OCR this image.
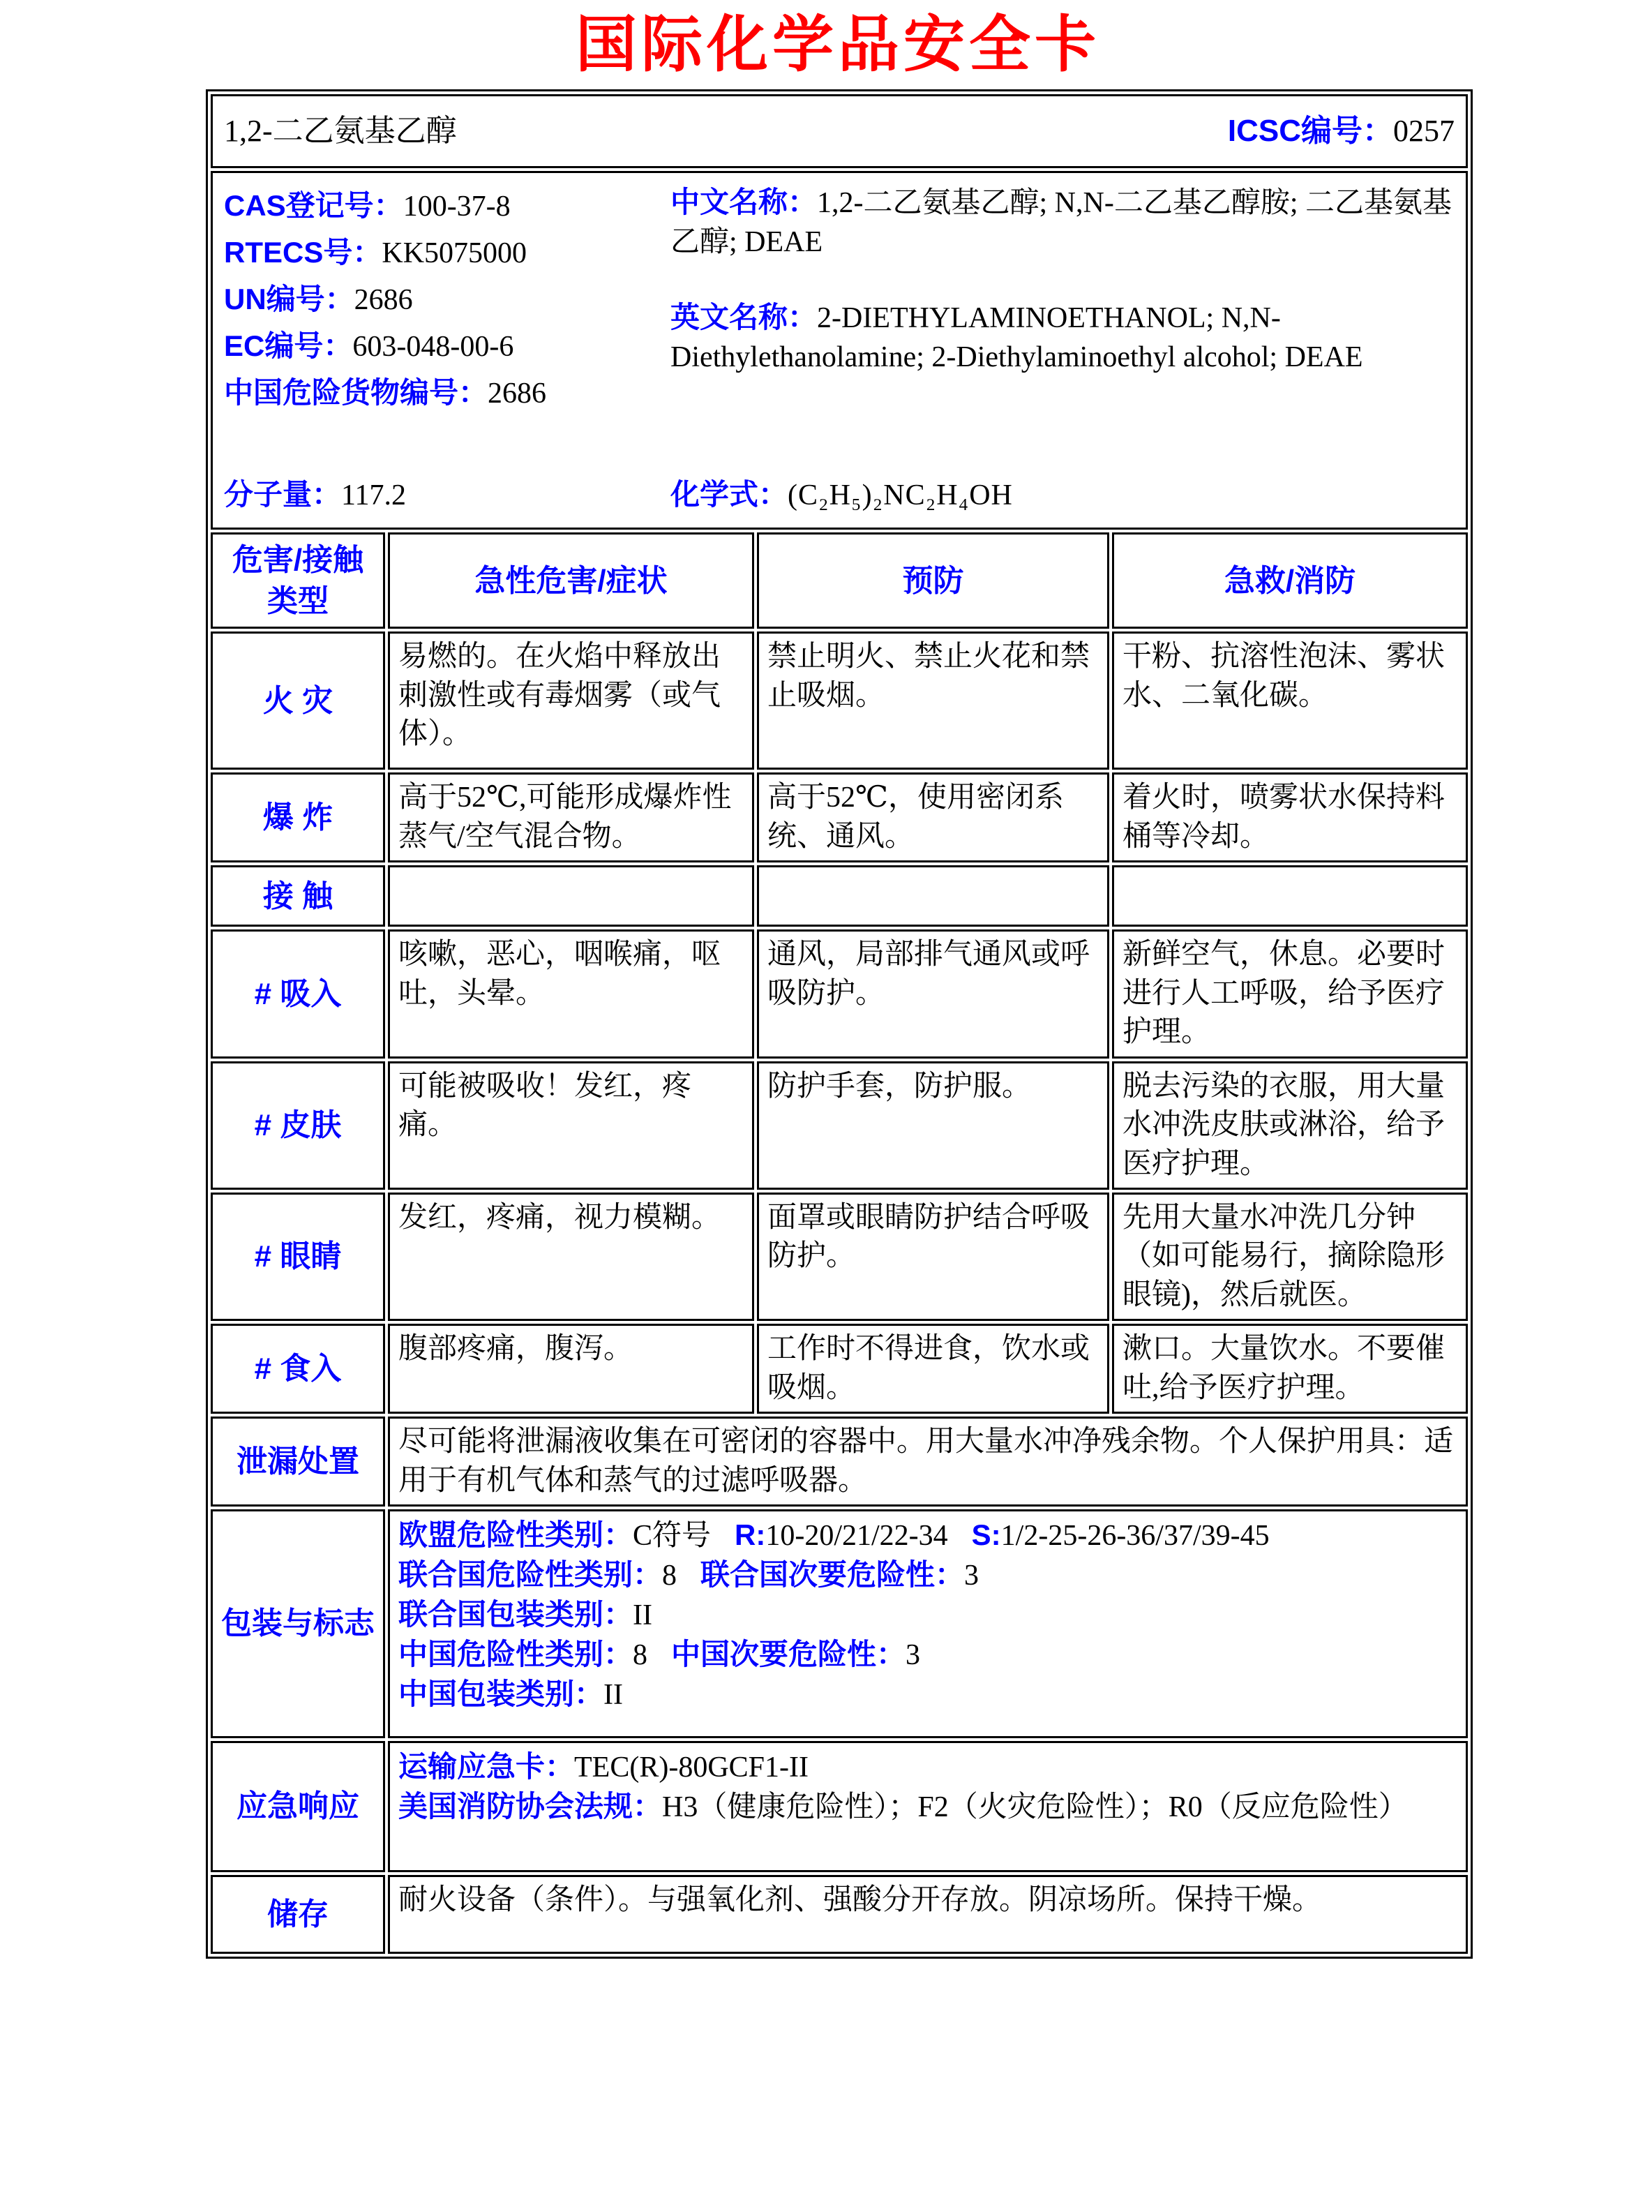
国际化学品安全卡
1,2-二乙氨基乙醇 ICSC编号：0257			

CAS登记号：100-37-8
RTECS号：KK5075000
UN编号：2686
EC编号：603-048-00-6
中国危险货物编号：2686

中文名称：1,2-二乙氨基乙醇; N,N-二乙基乙醇胺; 二乙基氨基乙醇; DEAE

英文名称：2-DIETHYLAMINOETHANOL; N,N-Diethylethanolamine; 2-Diethylaminoethyl alcohol; DEAE

分子量：117.2	化学式：(C₂H₅)₂NC₂H₄OH

危害/接触类型	急性危害/症状	预防	急救/消防
火 灾	易燃的。在火焰中释放出刺激性或有毒烟雾（或气体）。	禁止明火、禁止火花和禁止吸烟。	干粉、抗溶性泡沫、雾状水、二氧化碳。
爆 炸	高于52℃,可能形成爆炸性蒸气/空气混合物。	高于52℃，使用密闭系统、通风。	着火时，喷雾状水保持料桶等冷却。
接 触			
# 吸入	咳嗽，恶心，咽喉痛，呕吐，头晕。	通风，局部排气通风或呼吸防护。	新鲜空气，休息。必要时进行人工呼吸，给予医疗护理。
# 皮肤	可能被吸收！发红，疼痛。	防护手套，防护服。	脱去污染的衣服，用大量水冲洗皮肤或淋浴，给予医疗护理。
# 眼睛	发红，疼痛，视力模糊。	面罩或眼睛防护结合呼吸防护。	先用大量水冲洗几分钟（如可能易行，摘除隐形眼镜)，然后就医。
# 食入	腹部疼痛，腹泻。	工作时不得进食，饮水或吸烟。	漱口。大量饮水。不要催吐,给予医疗护理。
泄漏处置	尽可能将泄漏液收集在可密闭的容器中。用大量水冲净残余物。个人保护用具：适用于有机气体和蒸气的过滤呼吸器。		
包装与标志	欧盟危险性类别：C符号 R:10-20/21/22-34 S:1/2-25-26-36/37/39-45
联合国危险性类别：8 联合国次要危险性：3
联合国包装类别：II
中国危险性类别：8 中国次要危险性：3
中国包装类别：II		

应急响应	运输应急卡：TEC(R)-80GCF1-II
美国消防协会法规：H3（健康危险性）；F2（火灾危险性）；R0（反应危险性）		

储存	耐火设备（条件）。与强氧化剂、强酸分开存放。阴凉场所。保持干燥。		
